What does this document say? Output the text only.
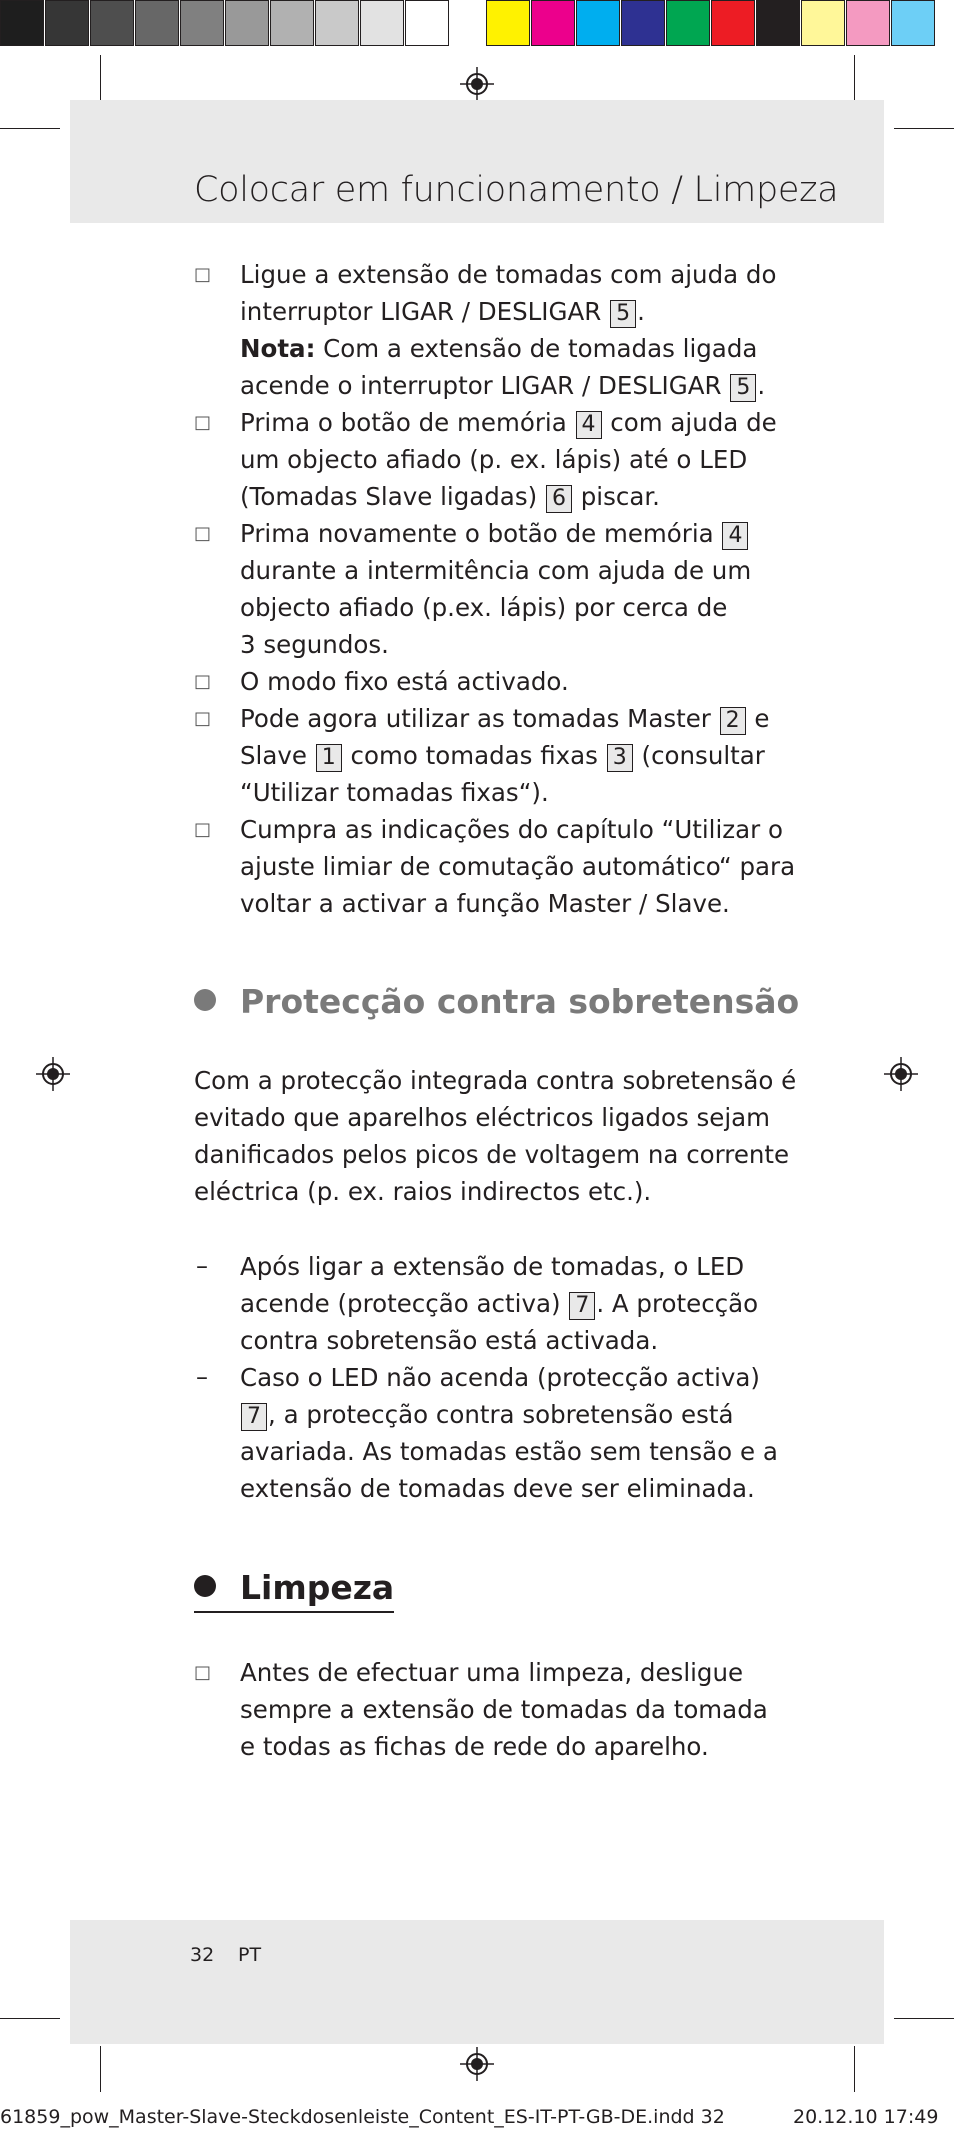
Colocar em funcionamento / Limpeza
□ Ligue a extensão de tomadas com ajuda do
interruptor LIGAR / DESLIGAR 5 .
Nota: Com a extensão de tomadas ligada
acende o interruptor LIGAR / DESLIGAR 5 .
□ Prima o botão de memória 4 com ajuda de
um objecto afiado (p. ex. lápis) até o LED
(Tomadas Slave ligadas) 6 piscar.
□ Prima novamente o botão de memória 4
durante a intermitência com ajuda de um
objecto afiado (p.ex. lápis) por cerca de
3 segundos.
□ O modo fixo está activado.
□ Pode agora utilizar as tomadas Master 2 e
Slave 1 como tomadas fixas 3 (consultar
“Utilizar tomadas fixas“).
□ Cumpra as indicações do capítulo “Utilizar o
ajuste limiar de comutação automático“ para
voltar a activar a função Master / Slave.
Protecção contra sobretensão

Com a protecção integrada contra sobretensão é
evitado que aparelhos eléctricos ligados sejam
danificados pelos picos de voltagem na corrente
eléctrica (p. ex. raios indirectos etc.).

– Após ligar a extensão de tomadas, o LED
acende (protecção activa) 7 . A protecção
contra sobretensão está activada.
– Caso o LED não acenda (protecção activa)
7 , a protecção contra sobretensão está
avariada. As tomadas estão sem tensão e a
extensão de tomadas deve ser eliminada.
Limpeza
□ Antes de efectuar uma limpeza, desligue
sempre a extensão de tomadas da tomada
e todas as fichas de rede do aparelho.
32 PT
61859_pow_Master-Slave-Steckdosenleiste_Content_ES-IT-PT-GB-DE.indd 32	20.12.10 17:49
